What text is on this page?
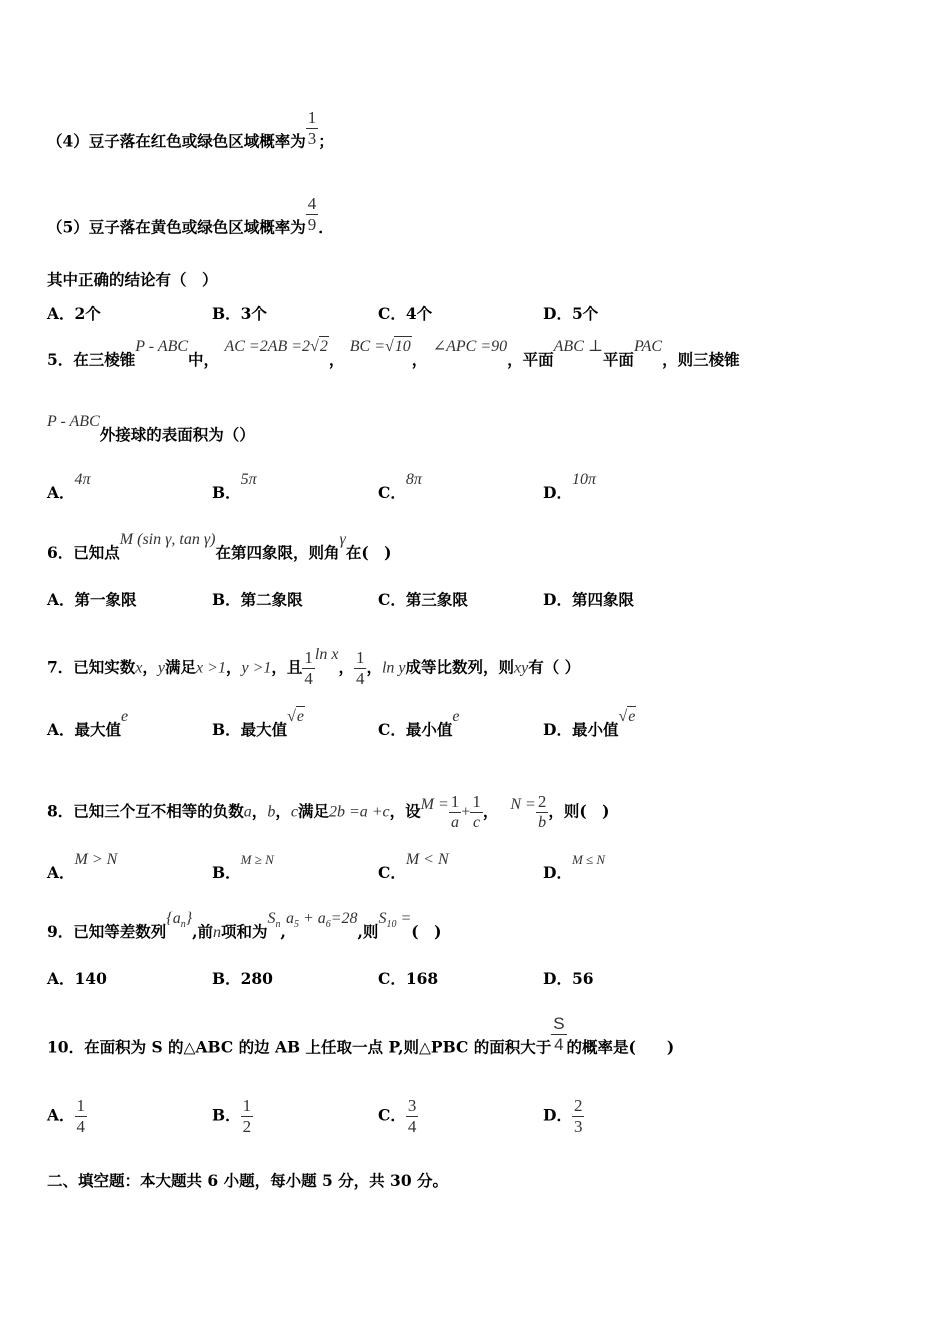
（4）豆子落在红色或绿色区域概率为 $\frac{1}{3}$ ；
（5）豆子落在黄色或绿色区域概率为 $\frac{4}{9}$ ．
其中正确的结论有（　）
A．2个	B．3个	C．4个	D．5个
5．在三棱锥P - ABC中， AC =2AB =2√2， BC =√10， ∠APC =90，平面ABC ⊥平面PAC，则三棱锥
P - ABC外接球的表面积为（）
A．4π
B．5π
C．8π
D．10π
6．已知点M (sin γ, tan γ)在第四象限，则角γ在(　)
A．第一象限	B．第二象限	C．第三象限	D．第四象限
7．已知实数x，y满足x >1，y >1，且 $\frac{1}{4}$ ln x， $\frac{1}{4}$ ，ln y成等比数列，则xy有（ ）
A．最大值e
B．最大值√e
C．最小值e
D．最小值√e
8．已知三个互不相等的负数a，b，c满足2b =a +c，设$M = \frac{1}{a} + \frac{1}{c}$ ， $N = \frac{2}{b}$ ，则(　)
A．M > N
B．$^{M \ge N}$
C．M < N
D．$^{M \le N}$
9．已知等差数列$\{a_n\}$,前n项和为$S_n,a_5 + a_6=28$,则$S_{10}$ =(　)
A．140	B．280	C．168	D．56
10．在面积为 S 的△ABC 的边 AB 上任取一点 P,则△PBC 的面积大于 $\frac{S}{4}$ 的概率是(　　)
A． $\frac{1}{4}$	B． $\frac{1}{2}$	C． $\frac{3}{4}$	D． $\frac{2}{3}$
二、填空题：本大题共 6 小题，每小题 5 分，共 30 分。
